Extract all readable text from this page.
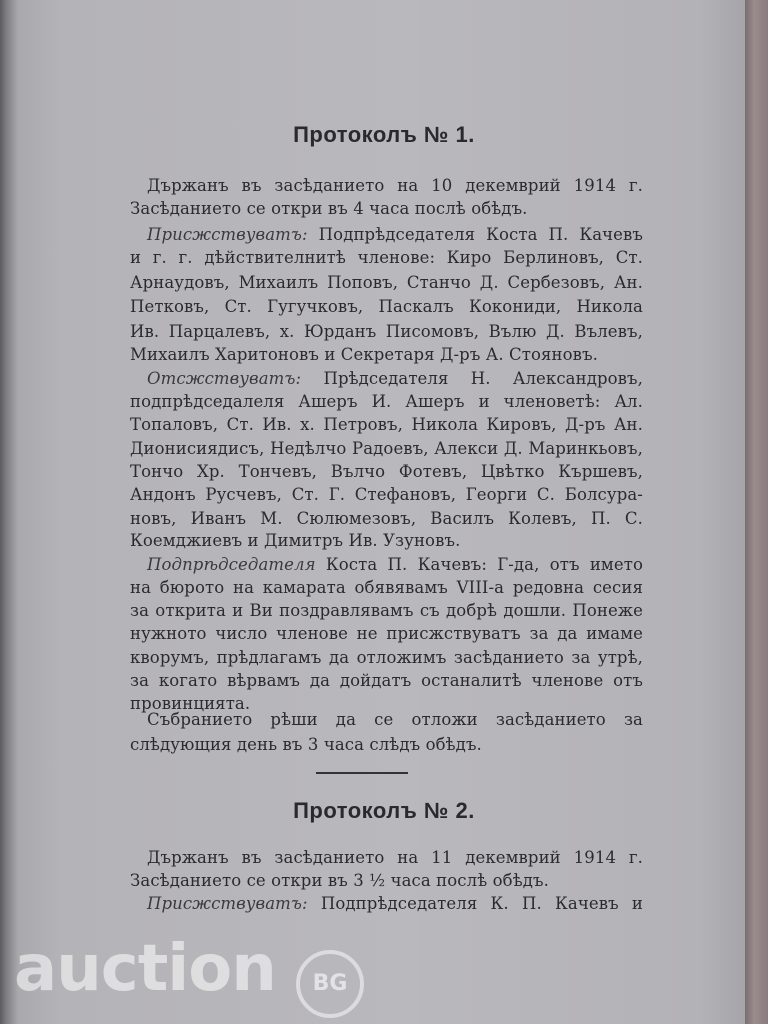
Протоколъ № 1.
Протоколъ № 2.
Държанъ въ засѣданието на 10 декемврий 1914 г.
Засѣданието се откри въ 4 часа послѣ обѣдъ.
Присжствуватъ: Подпрѣдседателя Коста П. Качевъ
и г. г. дѣйствителнитѣ членове: Киро Берлиновъ, Ст.
Арнаудовъ, Михаилъ Поповъ, Станчо Д. Сербезовъ, Ан.
Петковъ, Ст. Гугучковъ, Паскалъ Кокониди, Никола
Ив. Парцалевъ, х. Юрданъ Писомовъ, Вълю Д. Вълевъ,
Михаилъ Харитоновъ и Секретаря Д-ръ А. Стояновъ.
Отсжствуватъ: Прѣдседателя Н. Александровъ,
подпрѣдседалеля Ашеръ И. Ашеръ и членоветѣ: Ал.
Топаловъ, Ст. Ив. х. Петровъ, Никола Кировъ, Д-ръ Ан.
Дионисиядисъ, Недѣлчо Радоевъ, Алекси Д. Маринкьовъ,
Тончо Хр. Тончевъ, Вълчо Фотевъ, Цвѣтко Кършевъ,
Андонъ Русчевъ, Ст. Г. Стефановъ, Георги С. Болсура-
новъ, Иванъ М. Сюлюмезовъ, Василъ Колевъ, П. С.
Коемджиевъ и Димитръ Ив. Узуновъ.
Подпрѣдседателя Коста П. Качевъ: Г-да, отъ името
на бюрото на камарата обявявамъ VIII-а редовна сесия
за открита и Ви поздравлявамъ съ добрѣ дошли. Понеже
нужното число членове не присжствуватъ за да имаме
кворумъ, прѣдлагамъ да отложимъ засѣданието за утрѣ,
за когато вѣрвамъ да дойдатъ останалитѣ членове отъ
провинцията.
Събранието рѣши да се отложи засѣданието за
слѣдующия день въ 3 часа слѣдъ обѣдъ.
Държанъ въ засѣданието на 11 декемврий 1914 г.
Засѣданието се откри въ 3 ½ часа послѣ обѣдъ.
Присжствуватъ: Подпрѣдседателя К. П. Качевъ и
auction	BG
